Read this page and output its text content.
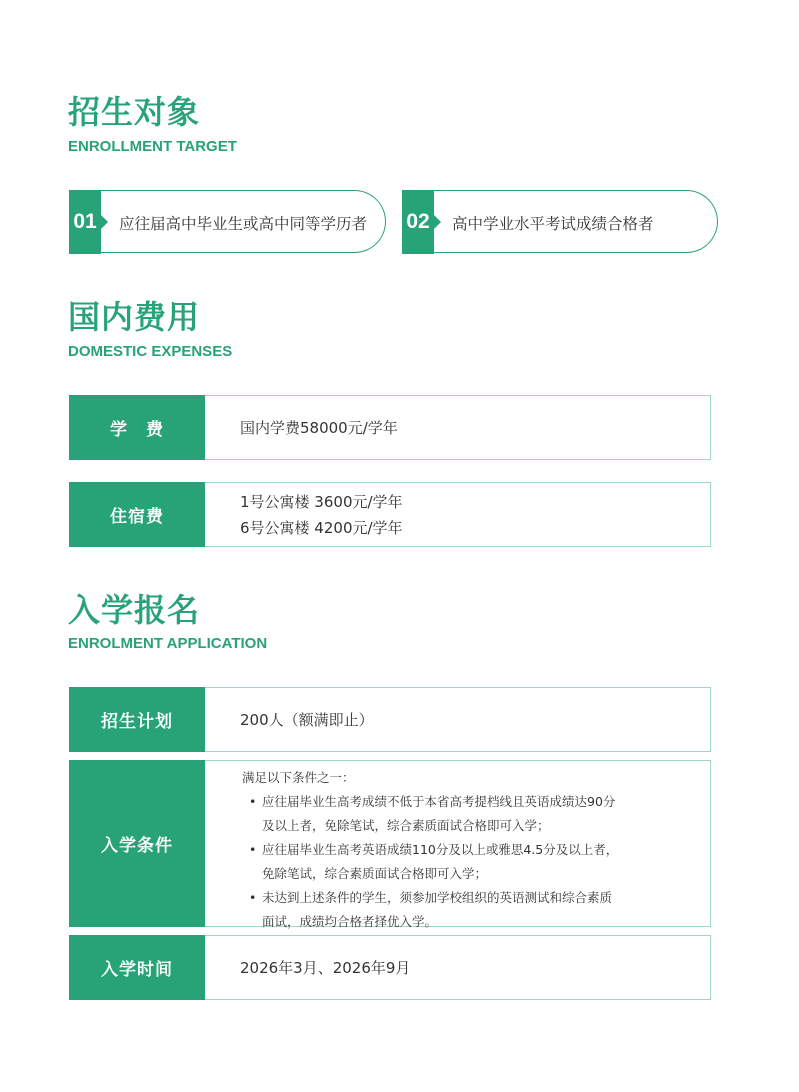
招生对象
ENROLLMENT TARGET
01 应往届高中毕业生或高中同等学历者 02 高中学业水平考试成绩合格者
国内费用
DOMESTIC EXPENSES
学　费	国内学费58000元/学年
住宿费
1号公寓楼 3600元/学年
6号公寓楼 4200元/学年
入学报名
ENROLMENT APPLICATION
招生计划	200人（额满即止）
入学条件
满足以下条件之一：
• 应往届毕业生高考成绩不低于本省高考提档线且英语成绩达90分及以上者，免除笔试，综合素质面试合格即可入学；
• 应往届毕业生高考英语成绩110分及以上或雅思4.5分及以上者，免除笔试，综合素质面试合格即可入学；
• 未达到上述条件的学生，须参加学校组织的英语测试和综合素质面试，成绩均合格者择优入学。
入学时间	2026年3月、2026年9月
